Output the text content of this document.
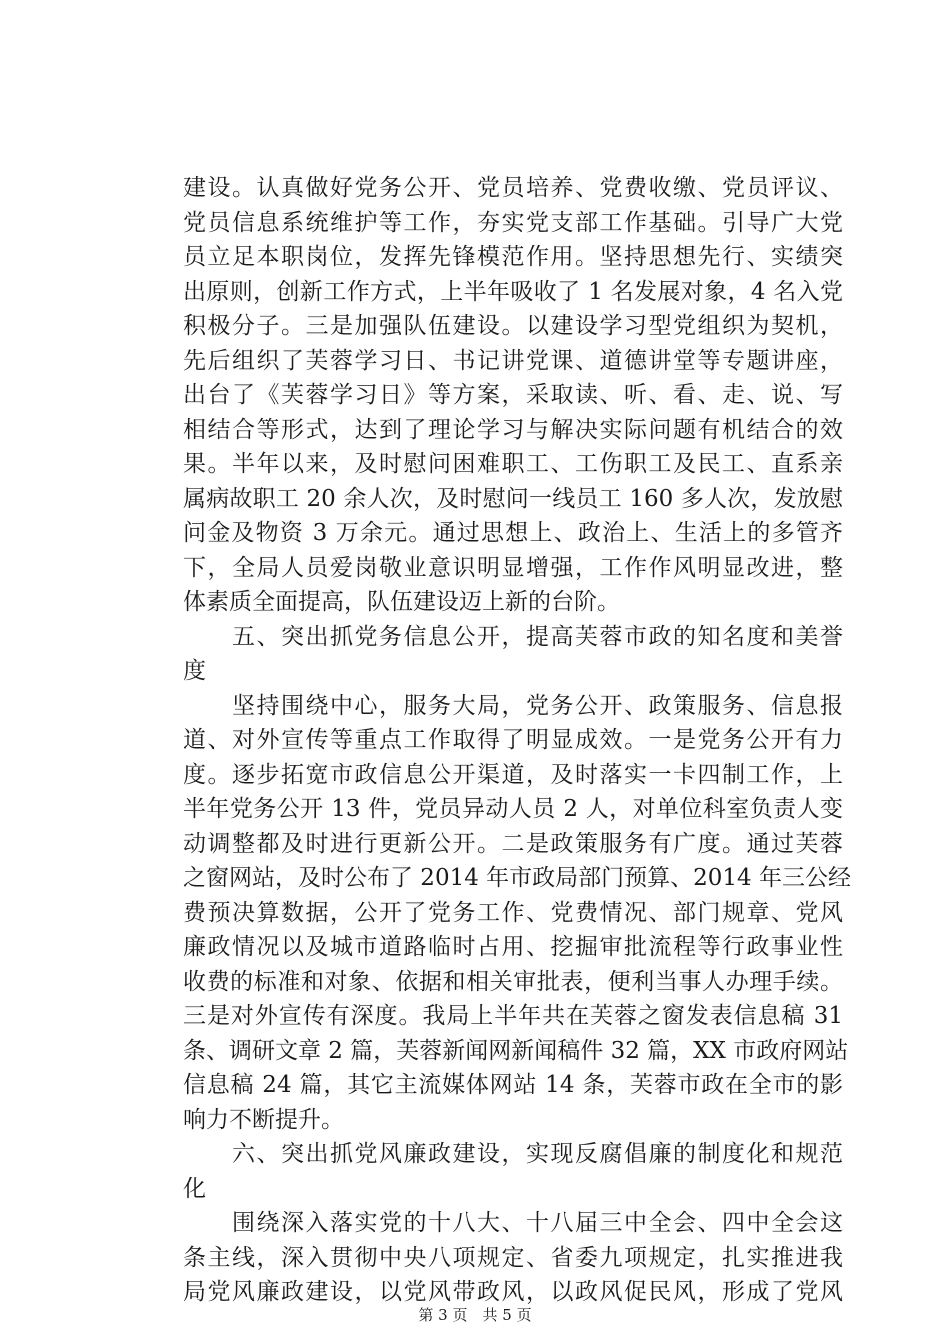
建设。认真做好党务公开、党员培养、党费收缴、党员评议、
党员信息系统维护等工作，夯实党支部工作基础。引导广大党
员立足本职岗位，发挥先锋模范作用。坚持思想先行、实绩突
出原则，创新工作方式，上半年吸收了 1 名发展对象，4 名入党
积极分子。三是加强队伍建设。以建设学习型党组织为契机，
先后组织了芙蓉学习日、书记讲党课、道德讲堂等专题讲座，
出台了《芙蓉学习日》等方案，采取读、听、看、走、说、写
相结合等形式，达到了理论学习与解决实际问题有机结合的效
果。半年以来，及时慰问困难职工、工伤职工及民工、直系亲
属病故职工 20 余人次，及时慰问一线员工 160 多人次，发放慰
问金及物资 3 万余元。通过思想上、政治上、生活上的多管齐
下，全局人员爱岗敬业意识明显增强，工作作风明显改进，整
体素质全面提高，队伍建设迈上新的台阶。
　　五、突出抓党务信息公开，提高芙蓉市政的知名度和美誉
度
　　坚持围绕中心，服务大局，党务公开、政策服务、信息报
道、对外宣传等重点工作取得了明显成效。一是党务公开有力
度。逐步拓宽市政信息公开渠道，及时落实一卡四制工作，上
半年党务公开 13 件，党员异动人员 2 人，对单位科室负责人变
动调整都及时进行更新公开。二是政策服务有广度。通过芙蓉
之窗网站，及时公布了 2014 年市政局部门预算、2014 年三公经
费预决算数据，公开了党务工作、党费情况、部门规章、党风
廉政情况以及城市道路临时占用、挖掘审批流程等行政事业性
收费的标准和对象、依据和相关审批表，便利当事人办理手续。
三是对外宣传有深度。我局上半年共在芙蓉之窗发表信息稿 31
条、调研文章 2 篇，芙蓉新闻网新闻稿件 32 篇，XX 市政府网站
信息稿 24 篇，其它主流媒体网站 14 条，芙蓉市政在全市的影
响力不断提升。
　　六、突出抓党风廉政建设，实现反腐倡廉的制度化和规范
化
　　围绕深入落实党的十八大、十八届三中全会、四中全会这
条主线，深入贯彻中央八项规定、省委九项规定，扎实推进我
局党风廉政建设，以党风带政风，以政风促民风，形成了党风
第 3 页　共 5 页
